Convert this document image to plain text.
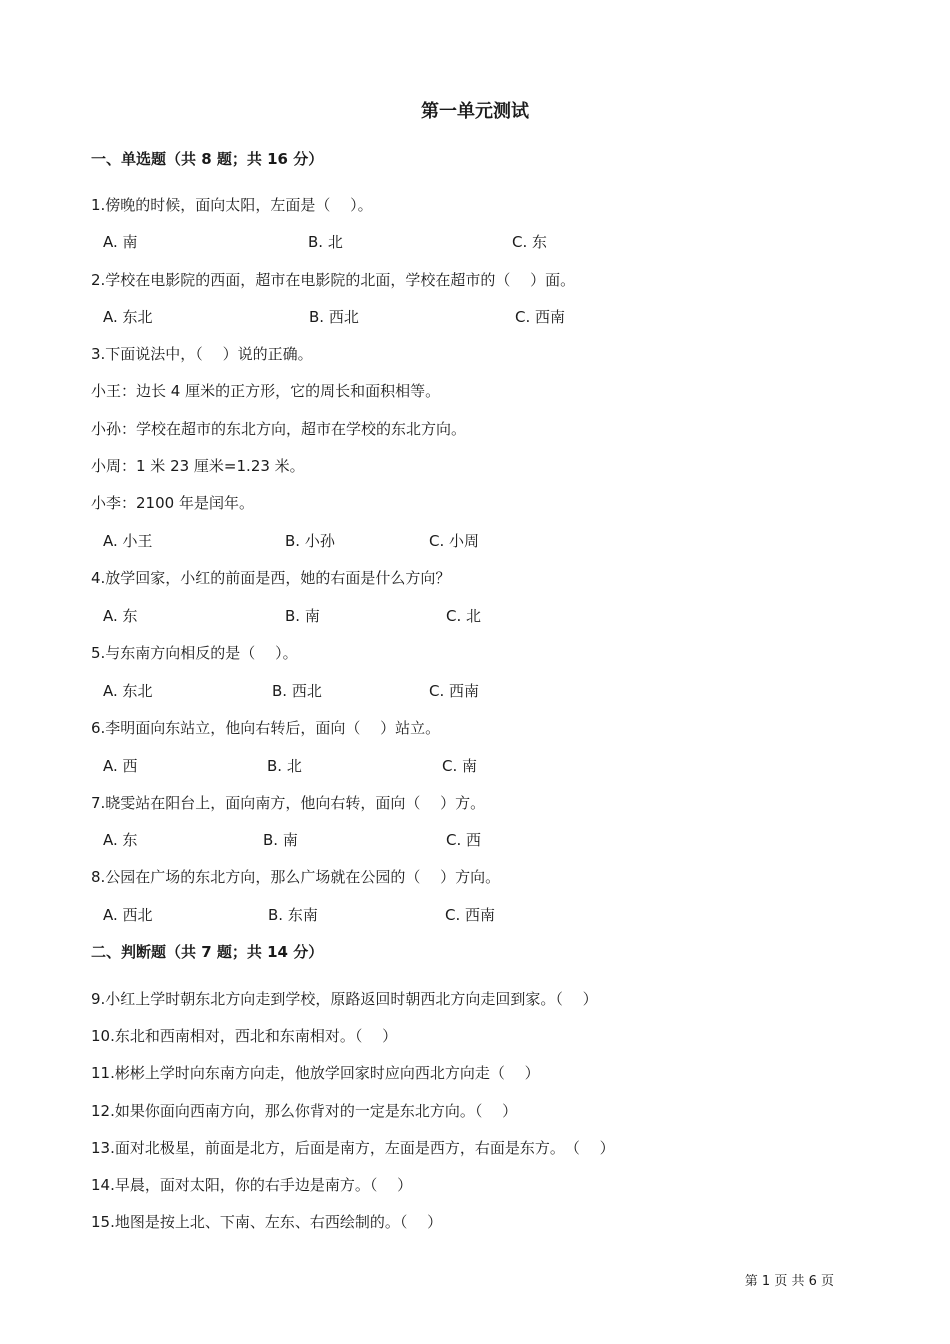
第一单元测试
一、单选题（共 8 题；共 16 分）
1.傍晚的时候，面向太阳，左面是（　 ）。
A. 南	B. 北	C. 东
2.学校在电影院的西面，超市在电影院的北面，学校在超市的（　 ）面。
A. 东北	B. 西北	C. 西南
3.下面说法中，（　 ）说的正确。
小王：边长 4 厘米的正方形，它的周长和面积相等。
小孙：学校在超市的东北方向，超市在学校的东北方向。
小周：1 米 23 厘米=1.23 米。
小李：2100 年是闰年。
A. 小王	B. 小孙	C. 小周
4.放学回家，小红的前面是西，她的右面是什么方向？
A. 东	B. 南	C. 北
5.与东南方向相反的是（　 ）。
A. 东北	B. 西北	C. 西南
6.李明面向东站立，他向右转后，面向（　 ）站立。
A. 西	B. 北	C. 南
7.晓雯站在阳台上，面向南方，他向右转，面向（　 ）方。
A. 东	B. 南	C. 西
8.公园在广场的东北方向，那么广场就在公园的（　 ）方向。
A. 西北	B. 东南	C. 西南
二、判断题（共 7 题；共 14 分）
9.小红上学时朝东北方向走到学校，原路返回时朝西北方向走回到家。（　 ）
10.东北和西南相对，西北和东南相对。（　 ）
11.彬彬上学时向东南方向走，他放学回家时应向西北方向走（　 ）
12.如果你面向西南方向，那么你背对的一定是东北方向。（　 ）
13.面对北极星，前面是北方，后面是南方，左面是西方，右面是东方。　（　 ）
14.早晨，面对太阳，你的右手边是南方。（　 ）
15.地图是按上北、下南、左东、右西绘制的。（　 ）
第 1 页 共 6 页
